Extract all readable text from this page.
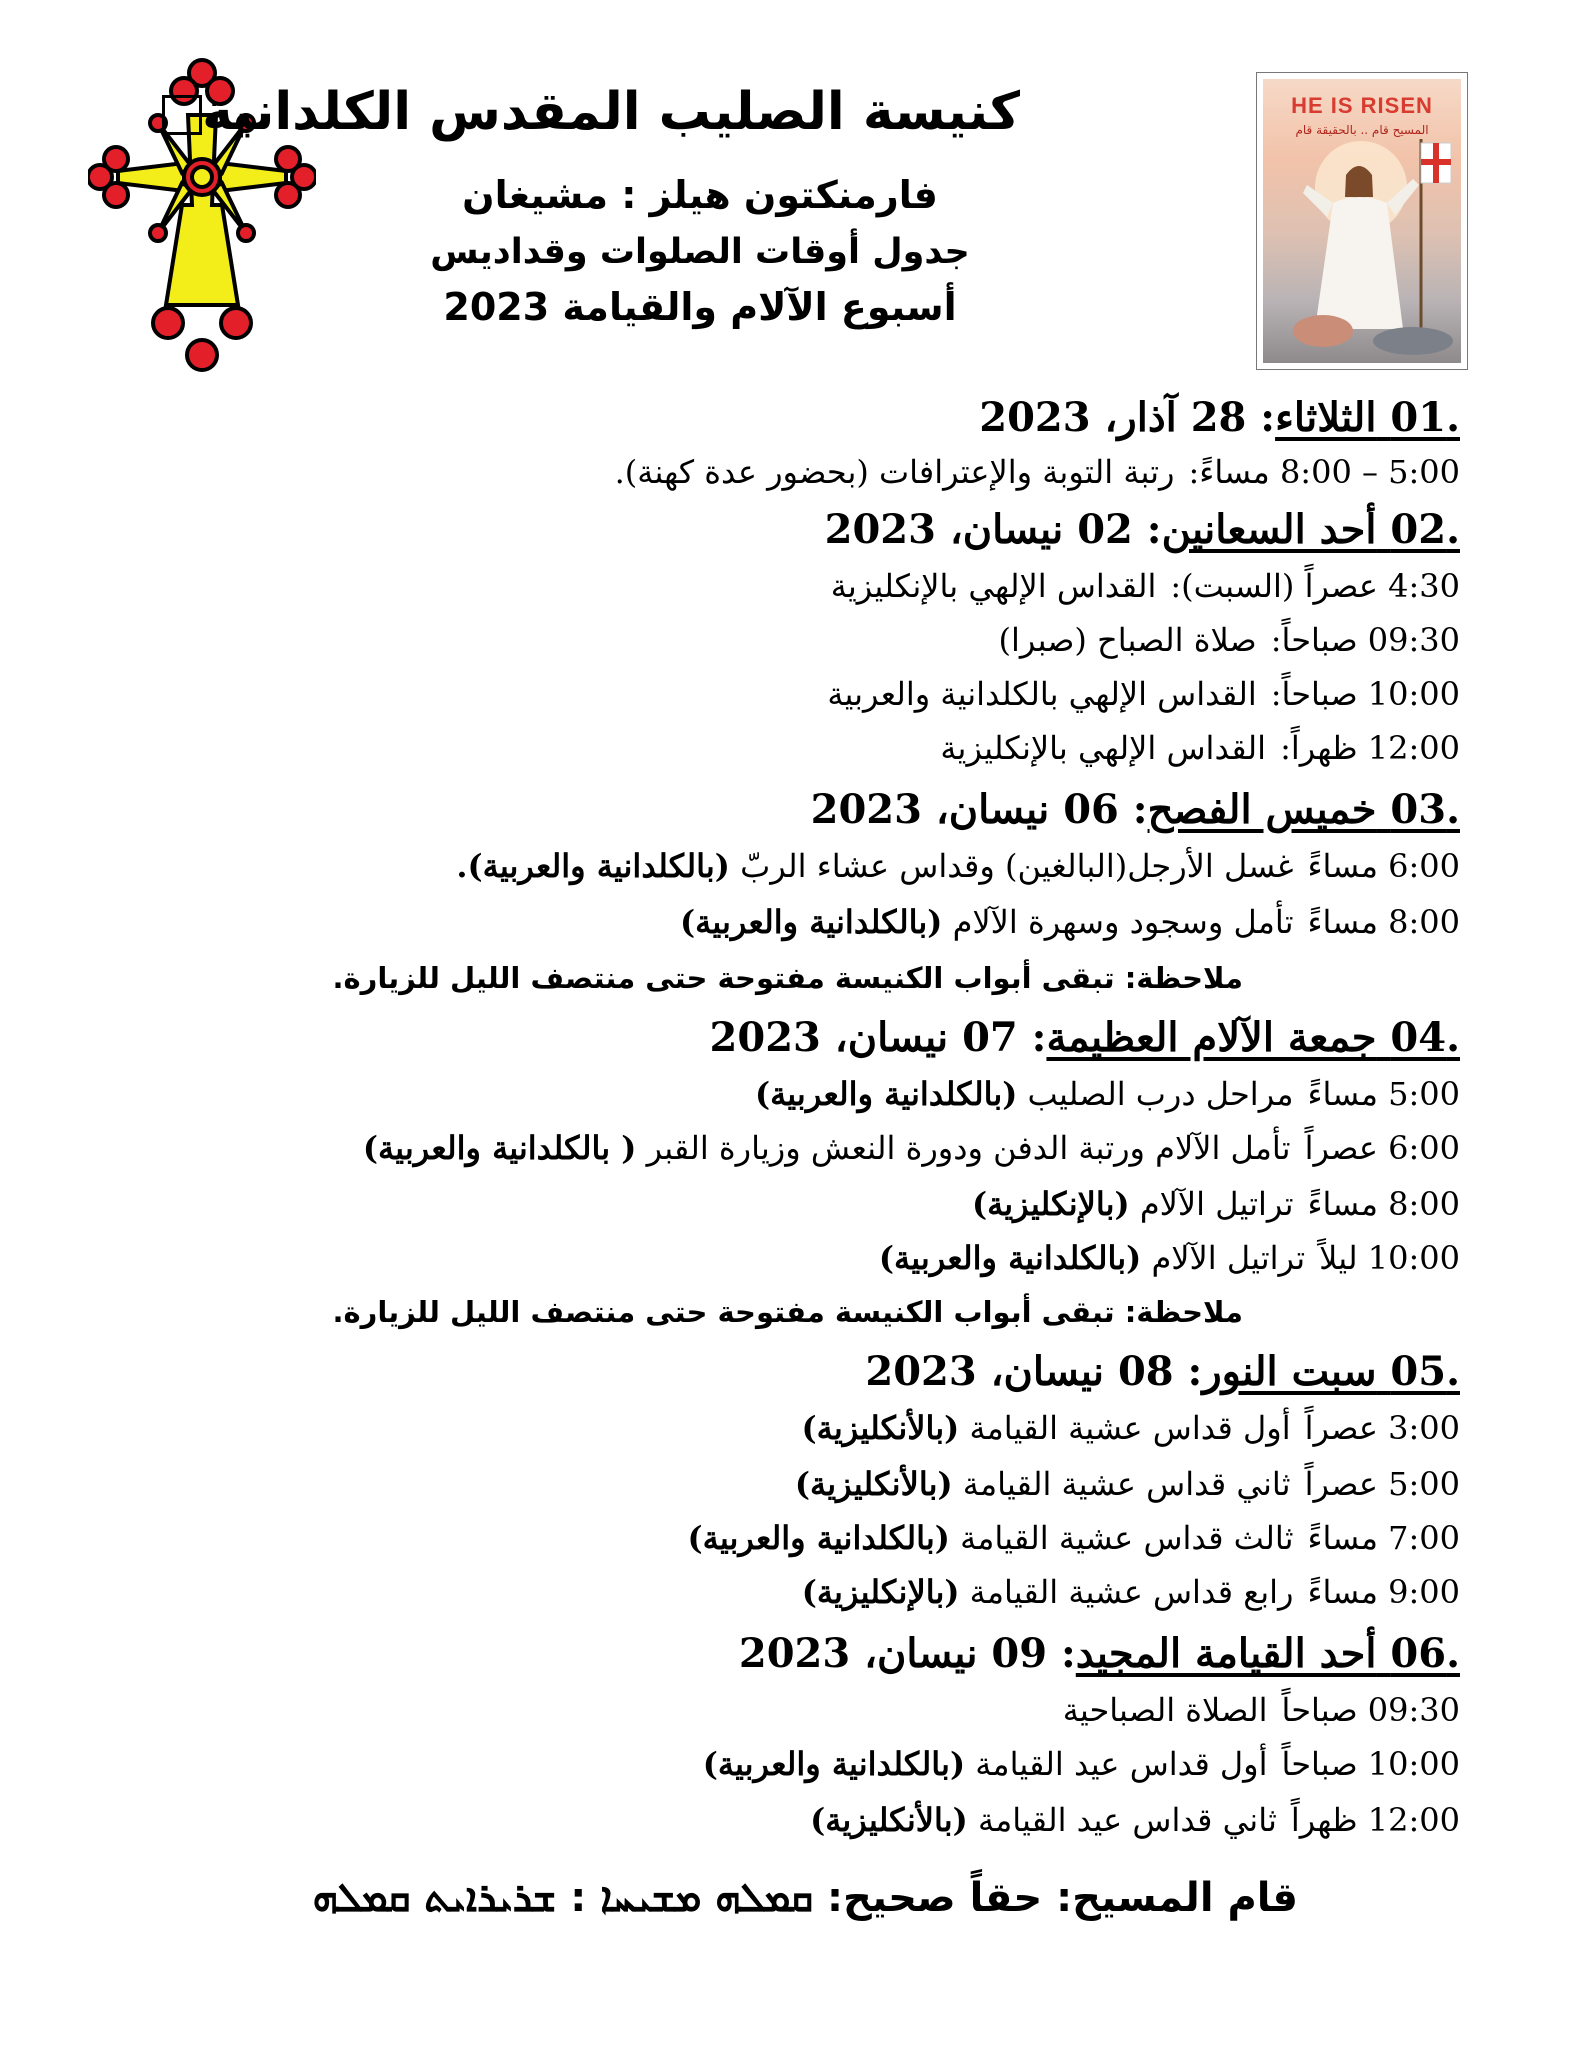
كنيسة الصليب المقدس الكلدانية
فارمنكتون هيلز : مشيغان
جدول أوقات الصلوات وقداديس
أسبوع الآلام والقيامة 2023
HE IS RISEN
المسيح قام .. بالحقيقة قام
.01 الثلاثاء: 28 آذار، 2023
5:00 – 8:00 مساءً:رتبة التوبة والإعترافات (بحضور عدة كهنة).
.02 أحد السعانين: 02 نيسان، 2023
4:30 عصراً (السبت):القداس الإلهي بالإنكليزية
09:30 صباحاً:صلاة الصباح (صبرا)
10:00 صباحاً:القداس الإلهي بالكلدانية والعربية
12:00 ظهراً:القداس الإلهي بالإنكليزية
.03 خميس الفصح: 06 نيسان، 2023
6:00 مساءًغسل الأرجل(البالغين) وقداس عشاء الربّ (بالكلدانية والعربية).
8:00 مساءًتأمل وسجود وسهرة الآلام (بالكلدانية والعربية)
ملاحظة: تبقى أبواب الكنيسة مفتوحة حتى منتصف الليل للزيارة.
.04 جمعة الآلام العظيمة: 07 نيسان، 2023
5:00 مساءًمراحل درب الصليب (بالكلدانية والعربية)
6:00 عصراًتأمل الآلام ورتبة الدفن ودورة النعش وزيارة القبر ( بالكلدانية والعربية)
8:00 مساءًتراتيل الآلام (بالإنكليزية)
10:00 ليلاًتراتيل الآلام (بالكلدانية والعربية)
ملاحظة: تبقى أبواب الكنيسة مفتوحة حتى منتصف الليل للزيارة.
.05 سبت النور: 08 نيسان، 2023
3:00 عصراًأول قداس عشية القيامة (بالأنكليزية)
5:00 عصراًثاني قداس عشية القيامة (بالأنكليزية)
7:00 مساءًثالث قداس عشية القيامة (بالكلدانية والعربية)
9:00 مساءًرابع قداس عشية القيامة (بالإنكليزية)
.06 أحد القيامة المجيد: 09 نيسان، 2023
09:30 صباحاًالصلاة الصباحية
10:00 صباحاًأول قداس عيد القيامة (بالكلدانية والعربية)
12:00 ظهراًثاني قداس عيد القيامة (بالأنكليزية)
قام المسيح: حقاً صحيح: ܩܡܠܗ ܡܫܝܚܐ : ܫܪܝܪܐܝܬ ܩܡܠܗ
